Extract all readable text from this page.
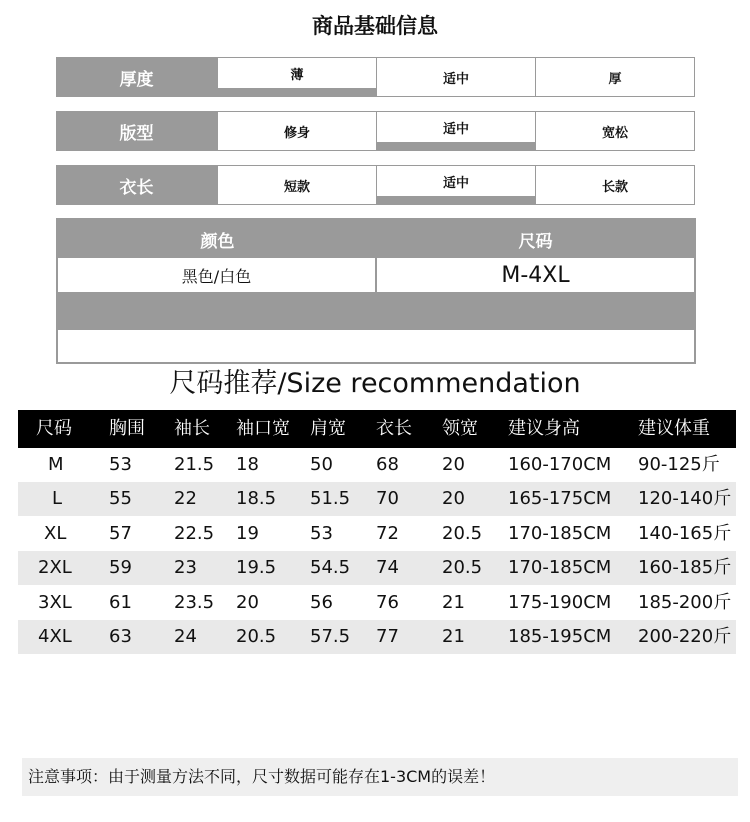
商品基础信息
厚度	薄	适中	厚
版型	修身	适中	宽松
衣长	短款	适中	长款
颜色	尺码
黑色/白色	M-4XL
尺码推荐/Size recommendation
尺码 胸围 袖长 袖口宽 肩宽 衣长 领宽 建议身高	建议体重
M	53 21.5 18	50 68 20 160-170CM 90-125斤
L	55 22 18.5 51.5 70 20 165-175CM 120-140斤
XL 57 22.5 19	53 72 20.5 170-185CM 140-165斤
2XL 59 23 19.5 54.5 74 20.5 170-185CM 160-185斤
3XL 61 23.5 20	56 76 21 175-190CM 185-200斤
4XL 63 24 20.5 57.5 77 21 185-195CM 200-220斤
注意事项：由于测量方法不同，尺寸数据可能存在1-3CM的误差！
